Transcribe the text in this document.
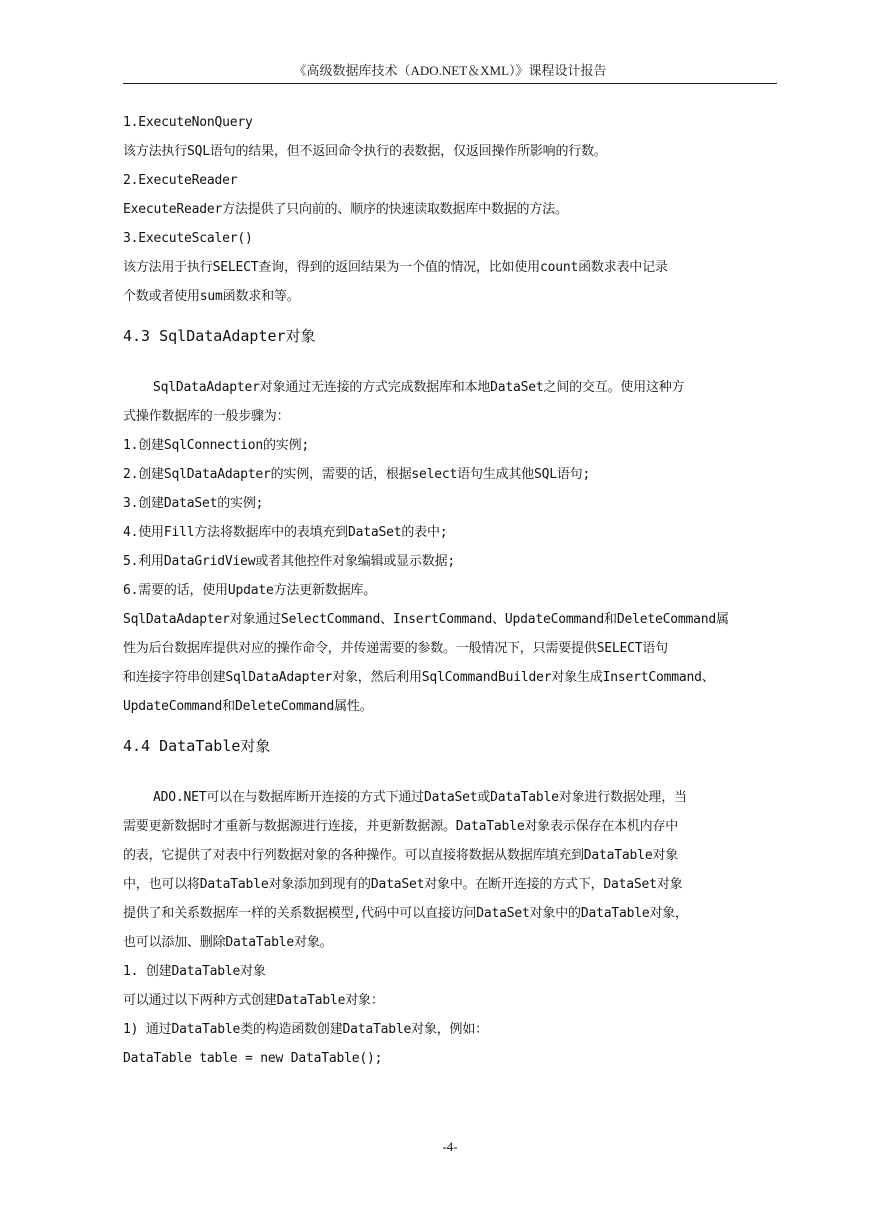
《高级数据库技术（ADO.NET＆XML）》课程设计报告
1.ExecuteNonQuery
该方法执行SQL语句的结果，但不返回命令执行的表数据，仅返回操作所影响的行数。
2.ExecuteReader
ExecuteReader方法提供了只向前的、顺序的快速读取数据库中数据的方法。
3.ExecuteScaler()
该方法用于执行SELECT查询，得到的返回结果为一个值的情况，比如使用count函数求表中记录
个数或者使用sum函数求和等。
4.3 SqlDataAdapter对象
SqlDataAdapter对象通过无连接的方式完成数据库和本地DataSet之间的交互。使用这种方
式操作数据库的一般步骤为：
1.创建SqlConnection的实例;
2.创建SqlDataAdapter的实例，需要的话，根据select语句生成其他SQL语句;
3.创建DataSet的实例;
4.使用Fill方法将数据库中的表填充到DataSet的表中;
5.利用DataGridView或者其他控件对象编辑或显示数据;
6.需要的话，使用Update方法更新数据库。
SqlDataAdapter对象通过SelectCommand、InsertCommand、UpdateCommand和DeleteCommand属
性为后台数据库提供对应的操作命令，并传递需要的参数。一般情况下，只需要提供SELECT语句
和连接字符串创建SqlDataAdapter对象，然后利用SqlCommandBuilder对象生成InsertCommand、
UpdateCommand和DeleteCommand属性。
4.4 DataTable对象
ADO.NET可以在与数据库断开连接的方式下通过DataSet或DataTable对象进行数据处理，当
需要更新数据时才重新与数据源进行连接，并更新数据源。DataTable对象表示保存在本机内存中
的表，它提供了对表中行列数据对象的各种操作。可以直接将数据从数据库填充到DataTable对象
中，也可以将DataTable对象添加到现有的DataSet对象中。在断开连接的方式下，DataSet对象
提供了和关系数据库一样的关系数据模型,代码中可以直接访问DataSet对象中的DataTable对象，
也可以添加、删除DataTable对象。
1. 创建DataTable对象
可以通过以下两种方式创建DataTable对象：
1) 通过DataTable类的构造函数创建DataTable对象，例如：
DataTable table = new DataTable();
-4-
